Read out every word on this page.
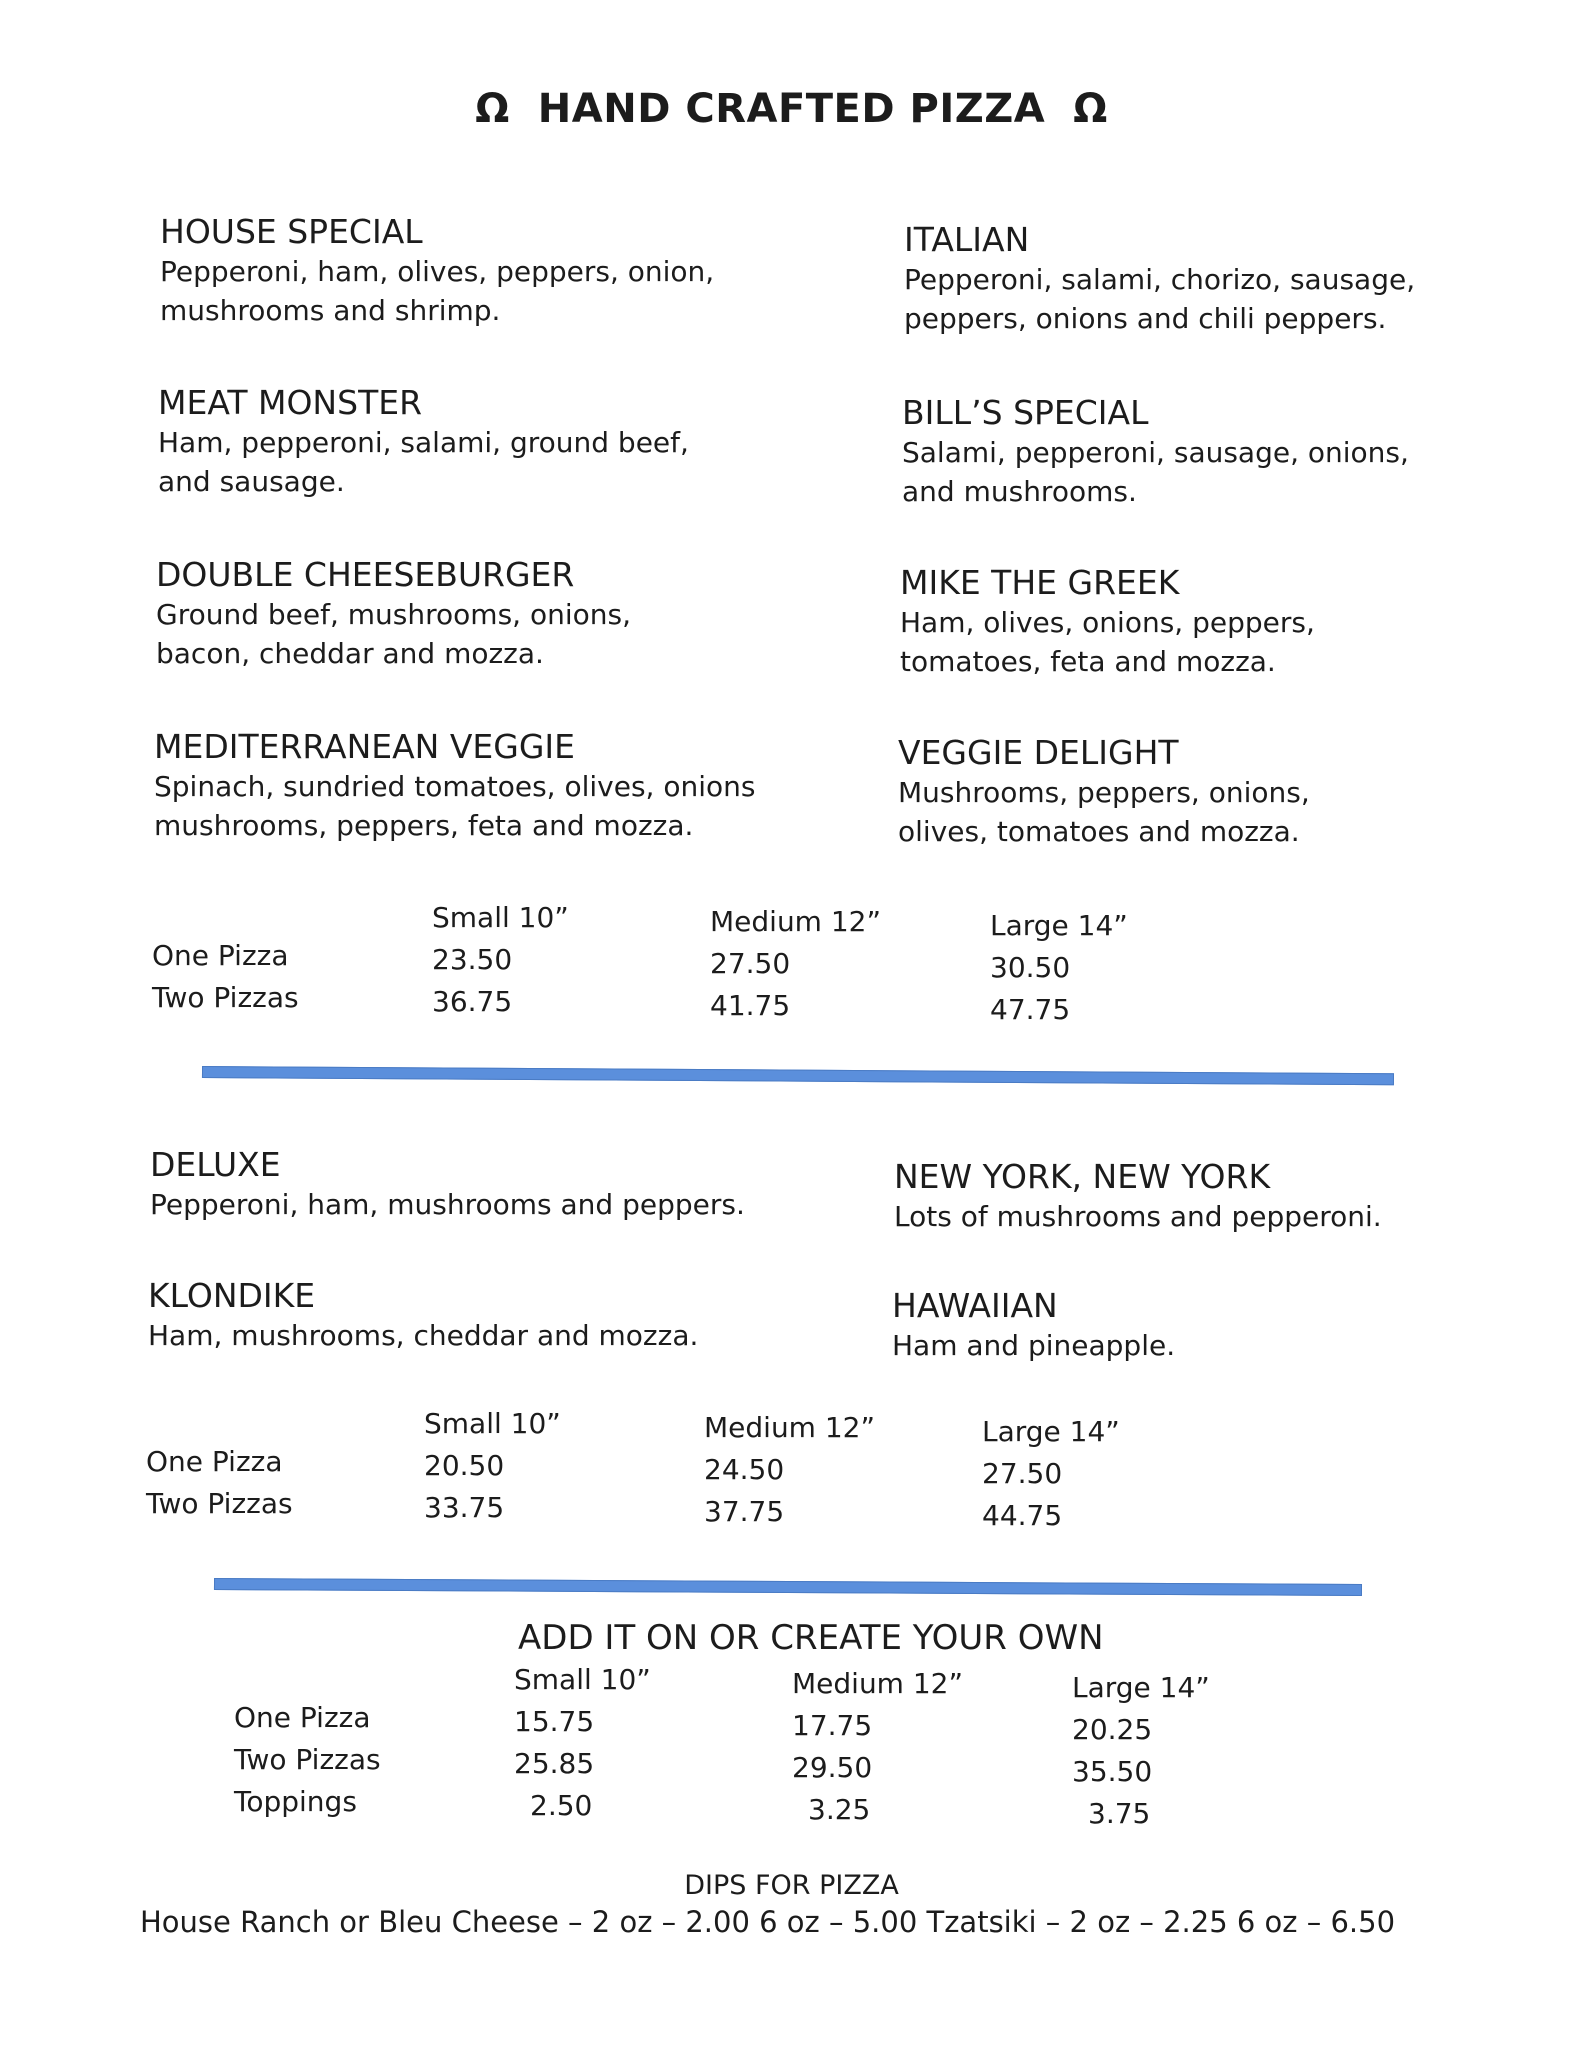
Ω HAND CRAFTED PIZZA Ω
HOUSE SPECIAL
Pepperoni, ham, olives, peppers, onion,
mushrooms and shrimp.
ITALIAN
Pepperoni, salami, chorizo, sausage,
peppers, onions and chili peppers.
MEAT MONSTER
Ham, pepperoni, salami, ground beef,
and sausage.
BILL’S SPECIAL
Salami, pepperoni, sausage, onions,
and mushrooms.
DOUBLE CHEESEBURGER
Ground beef, mushrooms, onions,
bacon, cheddar and mozza.
MIKE THE GREEK
Ham, olives, onions, peppers,
tomatoes, feta and mozza.
MEDITERRANEAN VEGGIE
Spinach, sundried tomatoes, olives, onions
mushrooms, peppers, feta and mozza.
VEGGIE DELIGHT
Mushrooms, peppers, onions,
olives, tomatoes and mozza.
Small 10”	Medium 12”	Large 14”
One Pizza	23.50	27.50	30.50
Two Pizzas	36.75	41.75	47.75
DELUXE
Pepperoni, ham, mushrooms and peppers.
NEW YORK, NEW YORK
Lots of mushrooms and pepperoni.
KLONDIKE
Ham, mushrooms, cheddar and mozza.
HAWAIIAN
Ham and pineapple.
Small 10”	Medium 12”	Large 14”
One Pizza	20.50	24.50	27.50
Two Pizzas	33.75	37.75	44.75
ADD IT ON OR CREATE YOUR OWN
Small 10”	Medium 12”	Large 14”
One Pizza	15.75	17.75	20.25
Two Pizzas	25.85	29.50	35.50
Toppings	2.50	3.25	3.75
DIPS FOR PIZZA
House Ranch or Bleu Cheese – 2 oz – 2.00 6 oz – 5.00 Tzatsiki – 2 oz – 2.25 6 oz – 6.50
